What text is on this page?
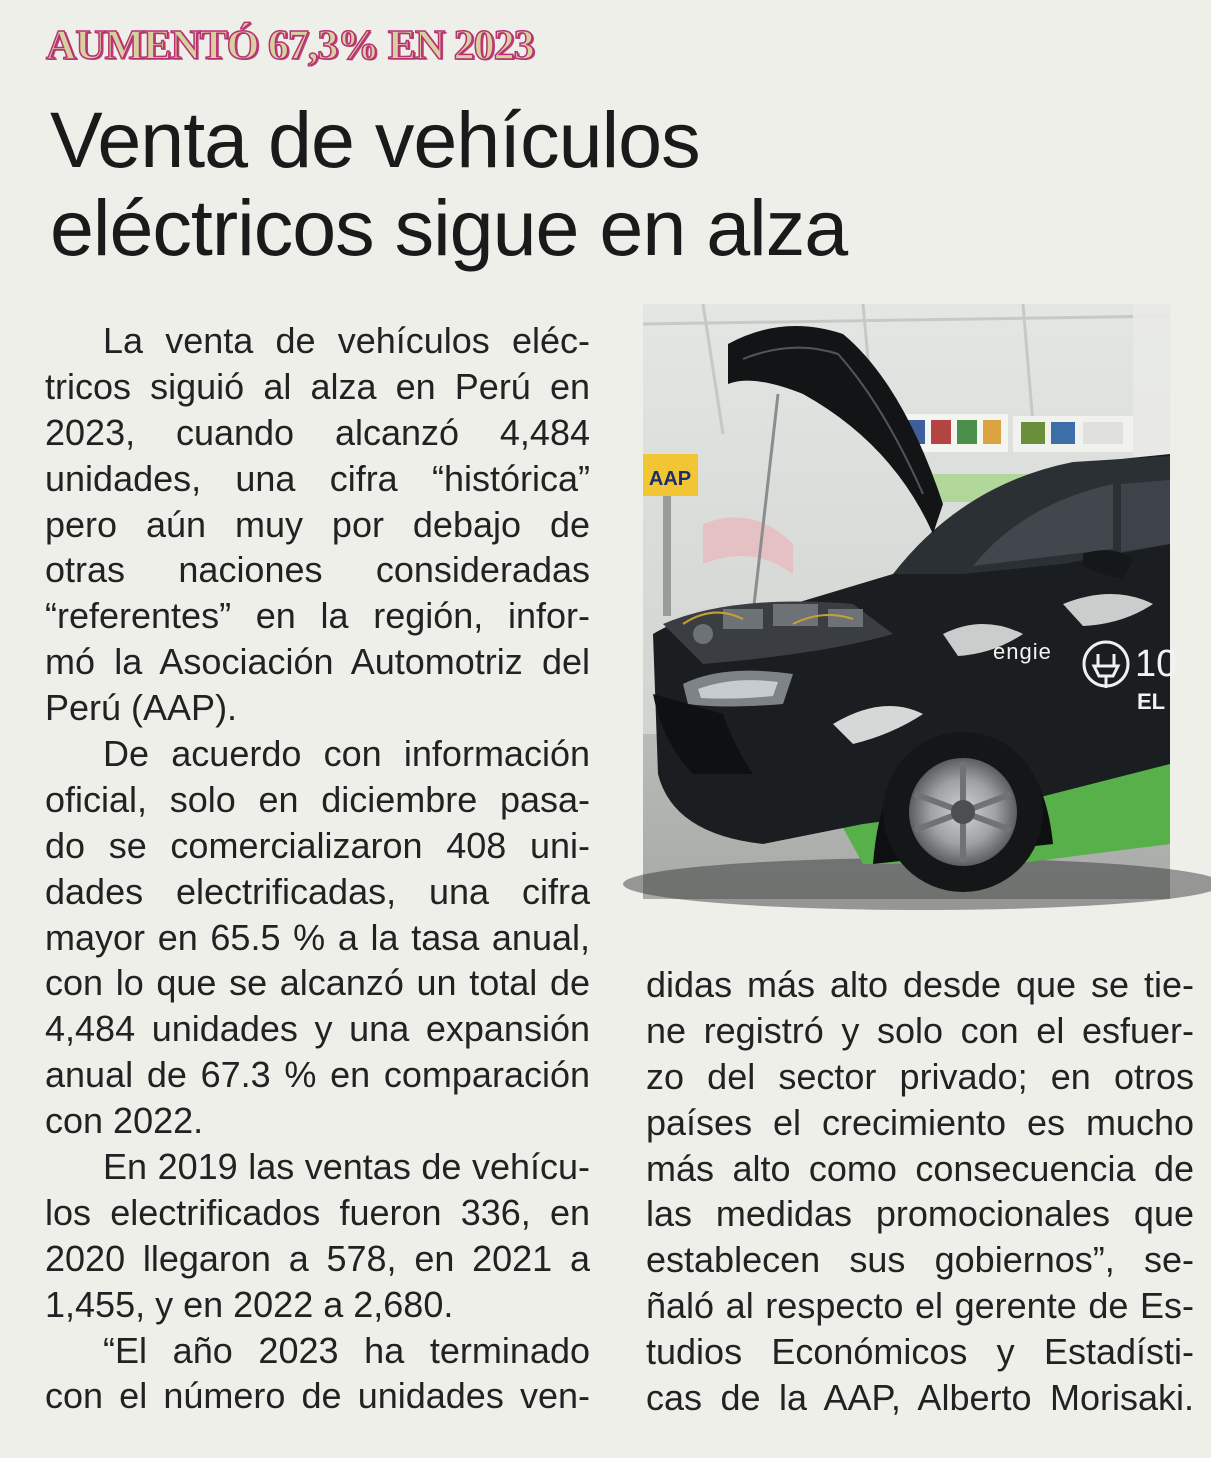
AUMENTÓ 67,3% EN 2023
Venta de vehículos
eléctricos sigue en alza
La venta de vehículos eléc-
tricos siguió al alza en Perú en
2023, cuando alcanzó 4,484
unidades, una cifra “histórica”
pero aún muy por debajo de
otras naciones consideradas
“referentes” en la región, infor-
mó la Asociación Automotriz del
Perú (AAP).
De acuerdo con información
oficial, solo en diciembre pasa-
do se comercializaron 408 uni-
dades electrificadas, una cifra
mayor en 65.5 % a la tasa anual,
con lo que se alcanzó un total de
4,484 unidades y una expansión
anual de 67.3 % en comparación
con 2022.
En 2019 las ventas de vehícu-
los electrificados fueron 336, en
2020 llegaron a 578, en 2021 a
1,455, y en 2022 a 2,680.
“El año 2023 ha terminado
con el número de unidades ven-
AAP
engie 10
EL
didas más alto desde que se tie-
ne registró y solo con el esfuer-
zo del sector privado; en otros
países el crecimiento es mucho
más alto como consecuencia de
las medidas promocionales que
establecen sus gobiernos”, se-
ñaló al respecto el gerente de Es-
tudios Económicos y Estadísti-
cas de la AAP, Alberto Morisaki.
